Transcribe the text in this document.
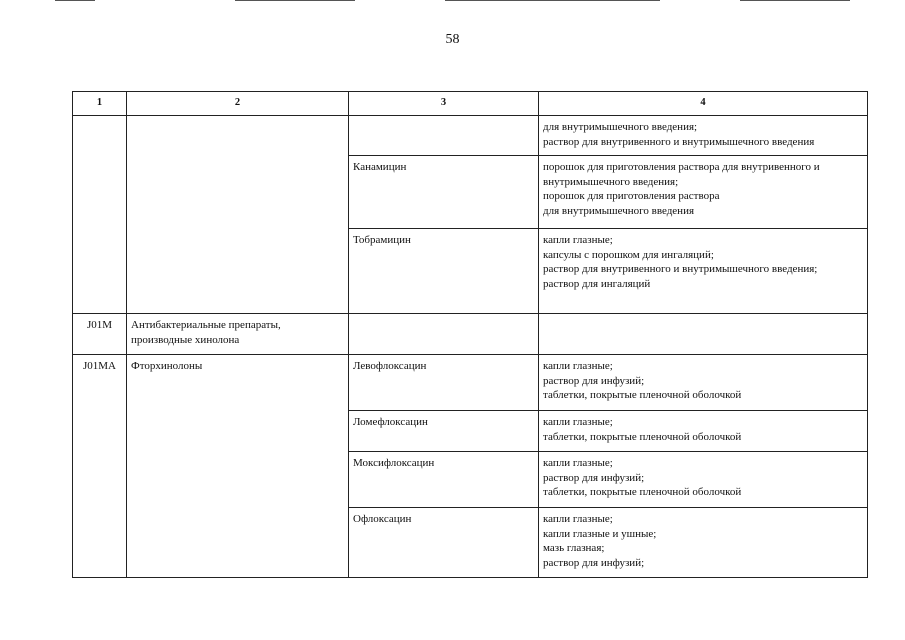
58
1	2	3	4

			для внутримышечного введения;
раствор для внутривенного и внутримышечного введения

		Канамицин	порошок для приготовления раствора для внутривенного и внутримышечного введения;
порошок для приготовления раствора
для внутримышечного введения

		Тобрамицин	капли глазные;
капсулы с порошком для ингаляций;
раствор для внутривенного и внутримышечного введения;
раствор для ингаляций

J01M	Антибактериальные препараты, производные хинолона		
J01MA	Фторхинолоны	Левофлоксацин	капли глазные;
раствор для инфузий;
таблетки, покрытые пленочной оболочкой

		Ломефлоксацин	капли глазные;
таблетки, покрытые пленочной оболочкой

		Моксифлоксацин	капли глазные;
раствор для инфузий;
таблетки, покрытые пленочной оболочкой

		Офлоксацин	капли глазные;
капли глазные и ушные;
мазь глазная;
раствор для инфузий;
